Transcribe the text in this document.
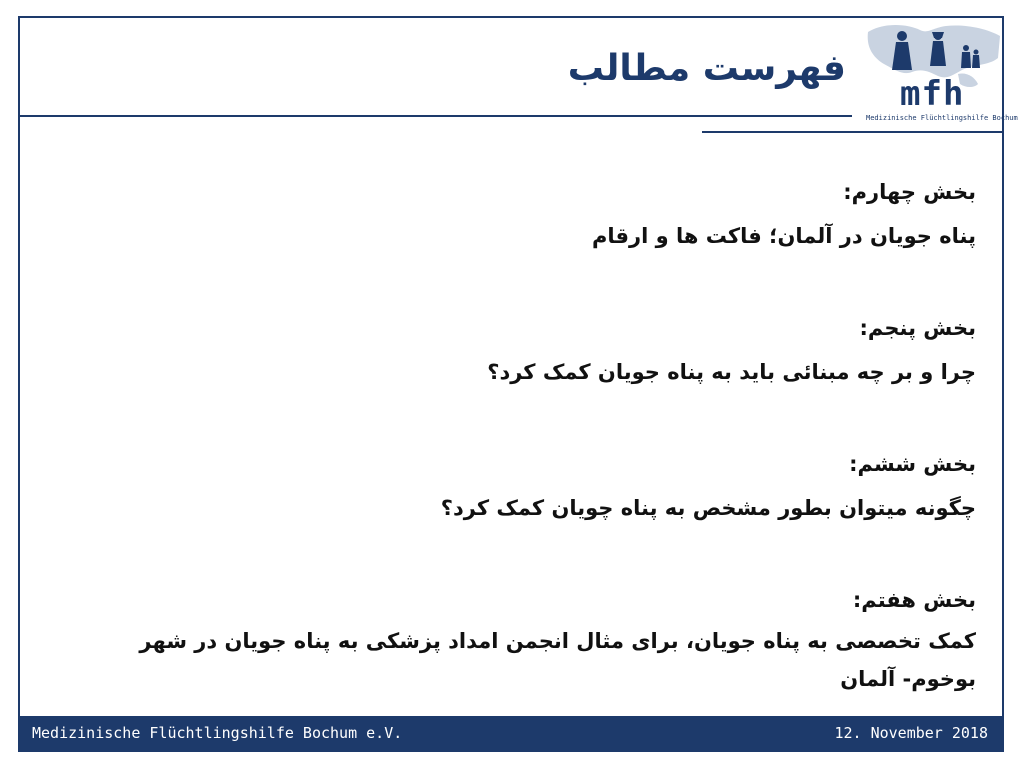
فهرست مطالب
mfh
Medizinische Flüchtlingshilfe Bochum
بخش چهارم:
پناه جویان در آلمان؛ فاکت ها و ارقام
بخش پنجم:
چرا و بر چه مبنائی باید به پناه جویان کمک کرد؟
بخش ششم:
چگونه میتوان بطور مشخص به پناه چویان کمک کرد؟
بخش هفتم:
کمک تخصصی به پناه جویان، برای مثال انجمن امداد پزشکی به پناه جویان در شهر بوخوم- آلمان
Medizinische Flüchtlingshilfe Bochum e.V.	12. November 2018
